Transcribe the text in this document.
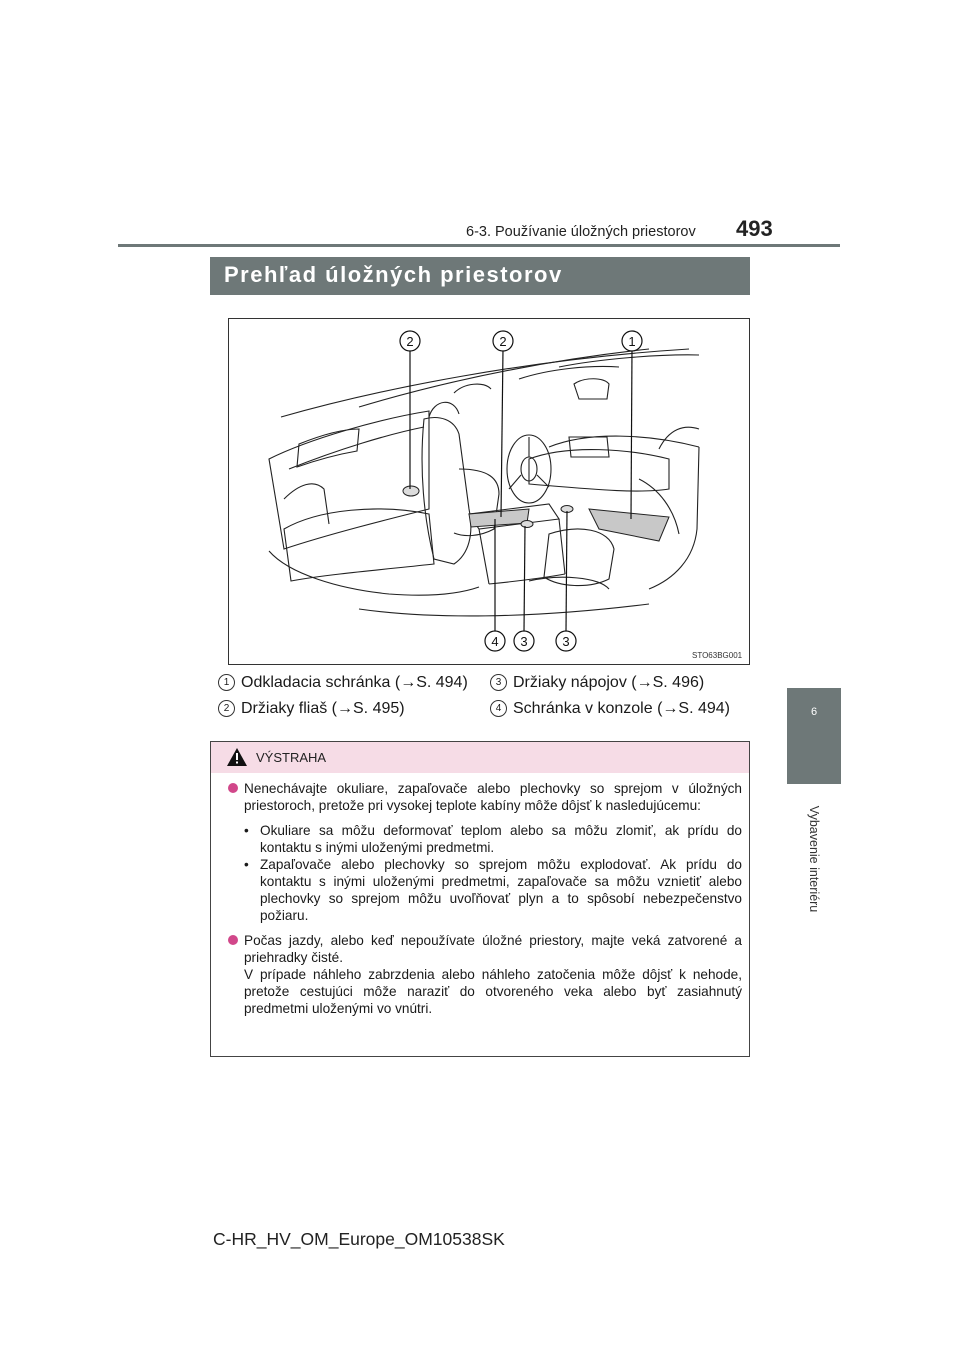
6-3. Používanie úložných priestorov 493
6
Vybavenie interiéru
Prehľad úložných priestorov
2	2	1
4 3	3
STO63BG001
1 Odkladacia schránka (→S. 494)
2 Držiaky fliaš (→S. 495)
3 Držiaky nápojov (→S. 496)
4 Schránka v konzole (→S. 494)
VÝSTRAHA
Nenechávajte okuliare, zapaľovače alebo plechovky so sprejom v úložných priestoroch, pretože pri vysokej teplote kabíny môže dôjsť k nasledujúcemu:
• Okuliare sa môžu deformovať teplom alebo sa môžu zlomiť, ak prídu do kontaktu s inými uloženými predmetmi.
• Zapaľovače alebo plechovky so sprejom môžu explodovať. Ak prídu do kontaktu s inými uloženými predmetmi, zapaľovače sa môžu vznietiť alebo plechovky so sprejom môžu uvoľňovať plyn a to spôsobí nebezpečenstvo požiaru.
Počas jazdy, alebo keď nepoužívate úložné priestory, majte veká zatvorené a priehradky čisté.
V prípade náhleho zabrzdenia alebo náhleho zatočenia môže dôjsť k nehode, pretože cestujúci môže naraziť do otvoreného veka alebo byť zasiahnutý predmetmi uloženými vo vnútri.
C-HR_HV_OM_Europe_OM10538SK
